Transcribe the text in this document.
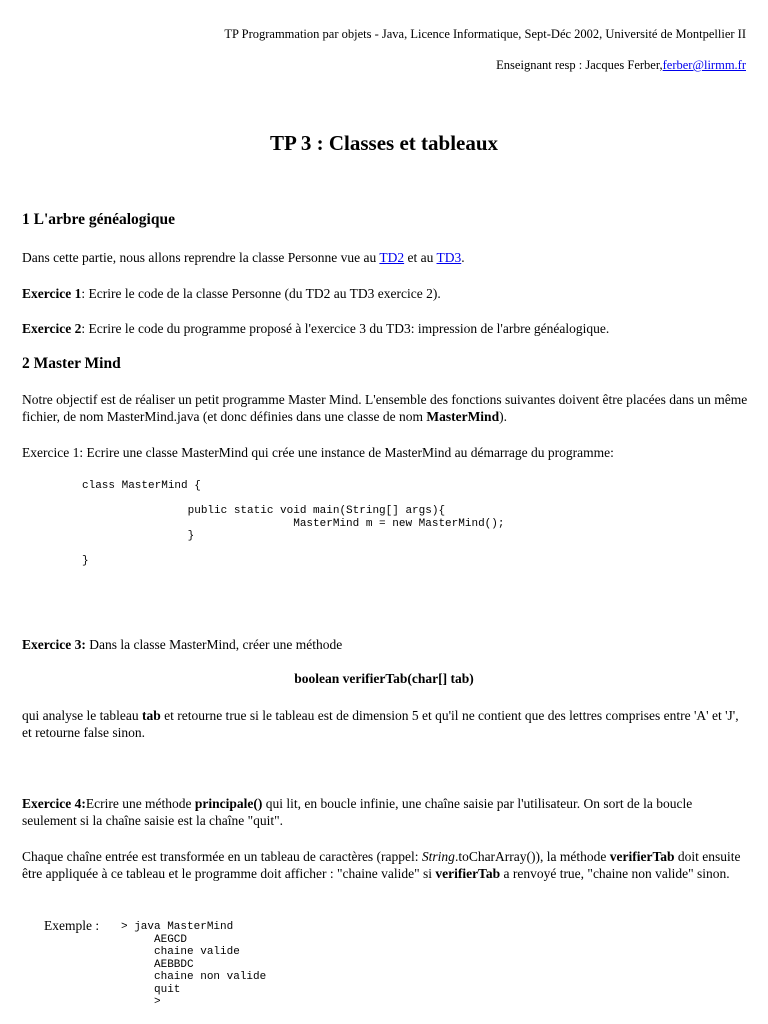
TP Programmation par objets - Java, Licence Informatique, Sept-Déc 2002, Université de Montpellier II
Enseignant resp : Jacques Ferber,ferber@lirmm.fr
TP 3 : Classes et tableaux
1 L'arbre généalogique
Dans cette partie, nous allons reprendre la classe Personne vue au TD2 et au TD3.
Exercice 1: Ecrire le code de la classe Personne (du TD2 au TD3 exercice 2).
Exercice 2: Ecrire le code du programme proposé à l'exercice 3 du TD3: impression de l'arbre généalogique.
2 Master Mind
Notre objectif est de réaliser un petit programme Master Mind. L'ensemble des fonctions suivantes doivent être placées dans un même fichier, de nom MasterMind.java (et donc définies dans une classe de nom MasterMind).
Exercice 1: Ecrire une classe MasterMind qui crée une instance de MasterMind au démarrage du programme:
class MasterMind {

public static void main(String[] args){
MasterMind m = new MasterMind();
}

}
Exercice 3: Dans la classe MasterMind, créer une méthode
boolean verifierTab(char[] tab)
qui analyse le tableau tab et retourne true si le tableau est de dimension 5 et qu'il ne contient que des lettres comprises entre 'A' et 'J', et retourne false sinon.
Exercice 4:Ecrire une méthode principale() qui lit, en boucle infinie, une chaîne saisie par l'utilisateur. On sort de la boucle seulement si la chaîne saisie est la chaîne "quit".
Chaque chaîne entrée est transformée en un tableau de caractères (rappel: String.toCharArray()), la méthode verifierTab doit ensuite être appliquée à ce tableau et le programme doit afficher : "chaine valide" si verifierTab a renvoyé true, "chaine non valide" sinon.
Exemple : > java MasterMind
AEGCD
chaine valide
AEBBDC
chaine non valide
quit
>
